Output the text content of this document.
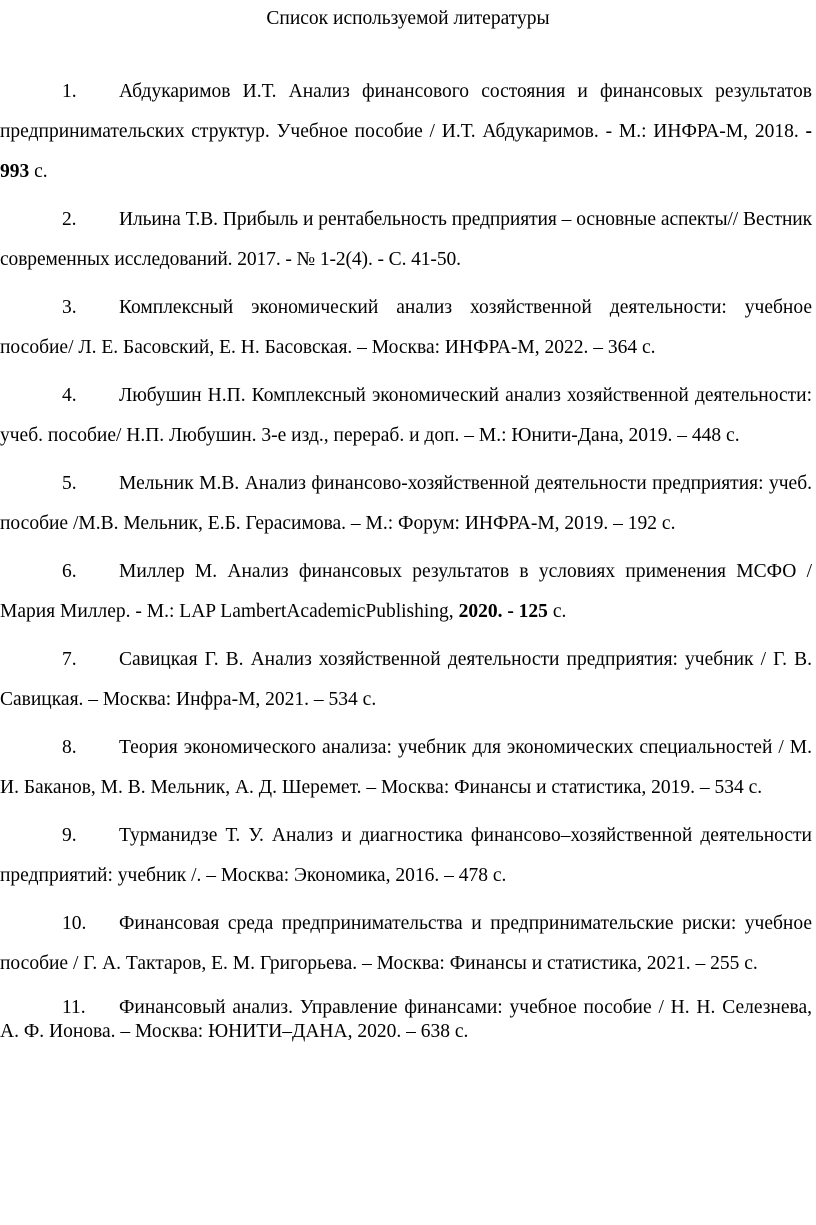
Список используемой литературы

1. Абдукаримов И.Т. Анализ финансового состояния и финансовых результатов предпринимательских структур. Учебное пособие / И.Т. Абдукаримов. - М.: ИНФРА-М, 2018. - 993 с.

2. Ильина Т.В. Прибыль и рентабельность предприятия – основные аспекты// Вестник современных исследований. 2017. - № 1-2(4). - С. 41-50.

3. Комплексный экономический анализ хозяйственной деятельности: учебное пособие/ Л. Е. Басовский, Е. Н. Басовская. – Москва: ИНФРА-М, 2022. – 364 с.

4. Любушин Н.П. Комплексный экономический анализ хозяйственной деятельности: учеб. пособие/ Н.П. Любушин. 3-е изд., перераб. и доп. – М.: Юнити-Дана, 2019. – 448 с.

5. Мельник М.В. Анализ финансово-хозяйственной деятельности предприятия: учеб. пособие /М.В. Мельник, Е.Б. Герасимова. – М.: Форум: ИНФРА-М, 2019. – 192 с.

6. Миллер М. Анализ финансовых результатов в условиях применения МСФО / Мария Миллер. - М.: LAP LambertAcademicPublishing, 2020. - 125 с.

7. Савицкая Г. В. Анализ хозяйственной деятельности предприятия: учебник / Г. В. Савицкая. – Москва: Инфра-М, 2021. – 534 с.

8. Теория экономического анализа: учебник для экономических специальностей / М. И. Баканов, М. В. Мельник, А. Д. Шеремет. – Москва: Финансы и статистика, 2019. – 534 с.

9. Турманидзе Т. У. Анализ и диагностика финансово–хозяйственной деятельности предприятий: учебник /. – Москва: Экономика, 2016. – 478 с.

10. Финансовая среда предпринимательства и предпринимательские риски: учебное пособие / Г. А. Тактаров, Е. М. Григорьева. – Москва: Финансы и статистика, 2021. – 255 с.

11. Финансовый анализ. Управление финансами: учебное пособие / Н. Н. Селезнева, А. Ф. Ионова. – Москва: ЮНИТИ–ДАНА, 2020. – 638 с.
